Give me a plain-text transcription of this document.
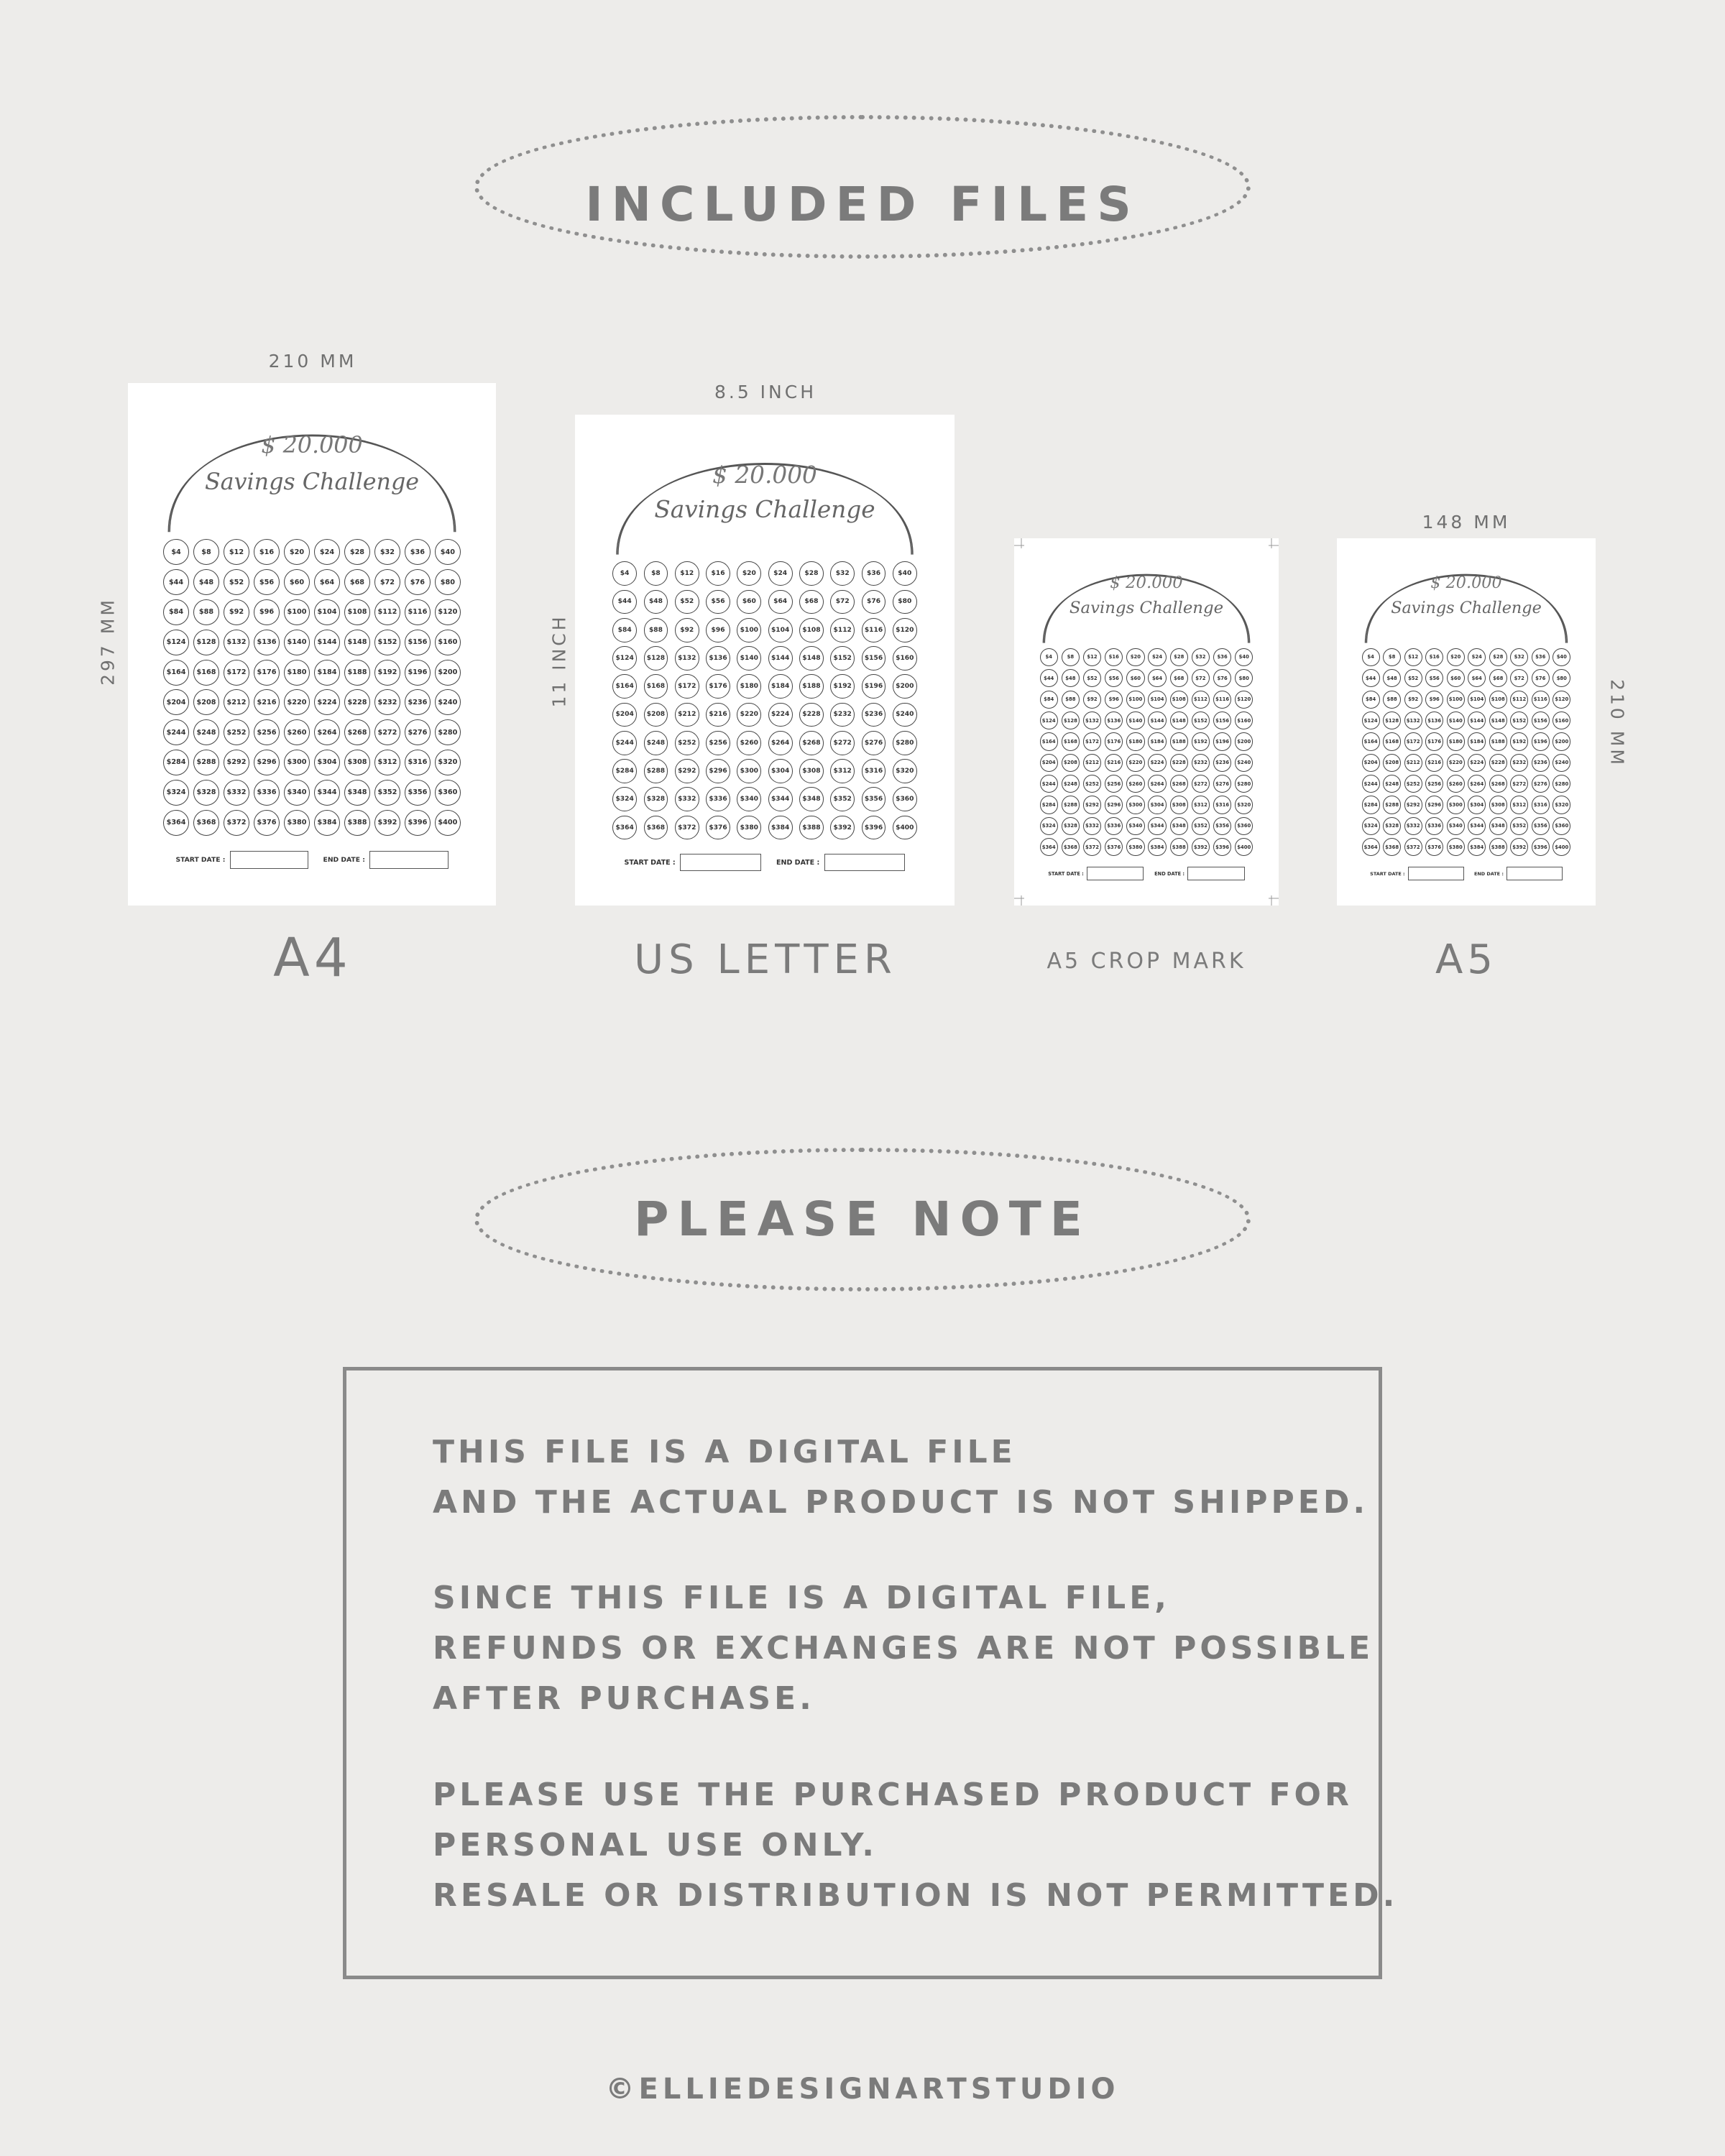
INCLUDED FILES
210 MM
297 MM
$ 20.000
Savings Challenge
$4	$8	$12	$16	$20	$24	$28	$32	$36	$40
$44	$48	$52	$56	$60	$64	$68	$72	$76	$80
$84	$88	$92	$96	$100	$104	$108	$112	$116	$120
$124	$128	$132	$136	$140	$144	$148	$152	$156	$160
$164	$168	$172	$176	$180	$184	$188	$192	$196	$200
$204	$208	$212	$216	$220	$224	$228	$232	$236	$240
$244	$248	$252	$256	$260	$264	$268	$272	$276	$280
$284	$288	$292	$296	$300	$304	$308	$312	$316	$320
$324	$328	$332	$336	$340	$344	$348	$352	$356	$360
$364	$368	$372	$376	$380	$384	$388	$392	$396	$400
START DATE :	END DATE :
A4
8.5 INCH
11 INCH
$ 20.000
Savings Challenge
$4	$8	$12	$16	$20	$24	$28	$32	$36	$40
$44	$48	$52	$56	$60	$64	$68	$72	$76	$80
$84	$88	$92	$96	$100	$104	$108	$112	$116	$120
$124	$128	$132	$136	$140	$144	$148	$152	$156	$160
$164	$168	$172	$176	$180	$184	$188	$192	$196	$200
$204	$208	$212	$216	$220	$224	$228	$232	$236	$240
$244	$248	$252	$256	$260	$264	$268	$272	$276	$280
$284	$288	$292	$296	$300	$304	$308	$312	$316	$320
$324	$328	$332	$336	$340	$344	$348	$352	$356	$360
$364	$368	$372	$376	$380	$384	$388	$392	$396	$400
START DATE :	END DATE :
US LETTER
$ 20.000
Savings Challenge
$4	$8	$12	$16	$20	$24	$28	$32	$36	$40
$44	$48	$52	$56	$60	$64	$68	$72	$76	$80
$84	$88	$92	$96	$100	$104	$108	$112	$116	$120
$124	$128	$132	$136	$140	$144	$148	$152	$156	$160
$164	$168	$172	$176	$180	$184	$188	$192	$196	$200
$204	$208	$212	$216	$220	$224	$228	$232	$236	$240
$244	$248	$252	$256	$260	$264	$268	$272	$276	$280
$284	$288	$292	$296	$300	$304	$308	$312	$316	$320
$324	$328	$332	$336	$340	$344	$348	$352	$356	$360
$364	$368	$372	$376	$380	$384	$388	$392	$396	$400
START DATE :	END DATE :
A5 CROP MARK
148 MM
210 MM
$ 20.000
Savings Challenge
$4	$8	$12	$16	$20	$24	$28	$32	$36	$40
$44	$48	$52	$56	$60	$64	$68	$72	$76	$80
$84	$88	$92	$96	$100	$104	$108	$112	$116	$120
$124	$128	$132	$136	$140	$144	$148	$152	$156	$160
$164	$168	$172	$176	$180	$184	$188	$192	$196	$200
$204	$208	$212	$216	$220	$224	$228	$232	$236	$240
$244	$248	$252	$256	$260	$264	$268	$272	$276	$280
$284	$288	$292	$296	$300	$304	$308	$312	$316	$320
$324	$328	$332	$336	$340	$344	$348	$352	$356	$360
$364	$368	$372	$376	$380	$384	$388	$392	$396	$400
START DATE :	END DATE :
A5
PLEASE NOTE
THIS FILE IS A DIGITAL FILE
AND THE ACTUAL PRODUCT IS NOT SHIPPED.
SINCE THIS FILE IS A DIGITAL FILE,
REFUNDS OR EXCHANGES ARE NOT POSSIBLE
AFTER PURCHASE.
PLEASE USE THE PURCHASED PRODUCT FOR
PERSONAL USE ONLY.
RESALE OR DISTRIBUTION IS NOT PERMITTED.
©ELLIEDESIGNARTSTUDIO
